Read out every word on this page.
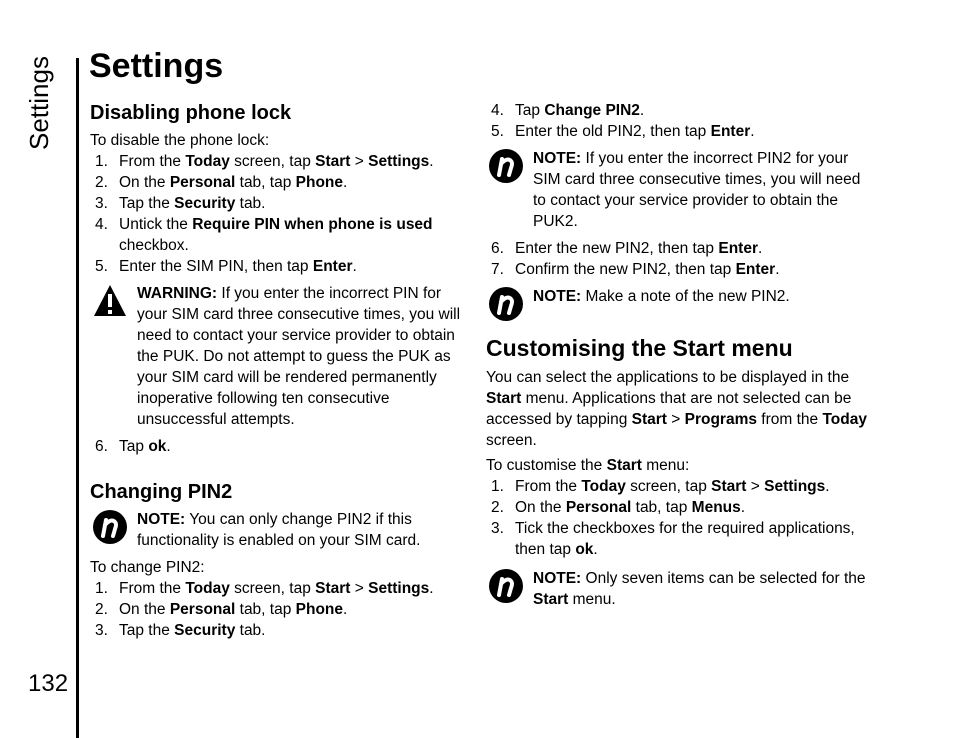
Settings
132
Settings
Disabling phone lock

To disable the phone lock:

1. From the Today screen, tap Start > Settings.
2. On the Personal tab, tap Phone.
3. Tap the Security tab.
4. Untick the Require PIN when phone is used checkbox.
5. Enter the SIM PIN, then tap Enter.

WARNING: If you enter the incorrect PIN for your SIM card three consecutive times, you will need to contact your service provider to obtain the PUK. Do not attempt to guess the PUK as your SIM card will be rendered permanently inoperative following ten consecutive unsuccessful attempts.

6. Tap ok.
Changing PIN2

NOTE: You can only change PIN2 if this functionality is enabled on your SIM card.

To change PIN2:

1. From the Today screen, tap Start > Settings.
2. On the Personal tab, tap Phone.
3. Tap the Security tab.
4. Tap Change PIN2.
5. Enter the old PIN2, then tap Enter.

NOTE: If you enter the incorrect PIN2 for your SIM card three consecutive times, you will need to contact your service provider to obtain the PUK2.

6. Enter the new PIN2, then tap Enter.
7. Confirm the new PIN2, then tap Enter.

NOTE: Make a note of the new PIN2.

Customising the Start menu

You can select the applications to be displayed in the Start menu. Applications that are not selected can be accessed by tapping Start > Programs from the Today screen.

To customise the Start menu:

1. From the Today screen, tap Start > Settings.
2. On the Personal tab, tap Menus.
3. Tick the checkboxes for the required applications, then tap ok.

NOTE: Only seven items can be selected for the Start menu.
